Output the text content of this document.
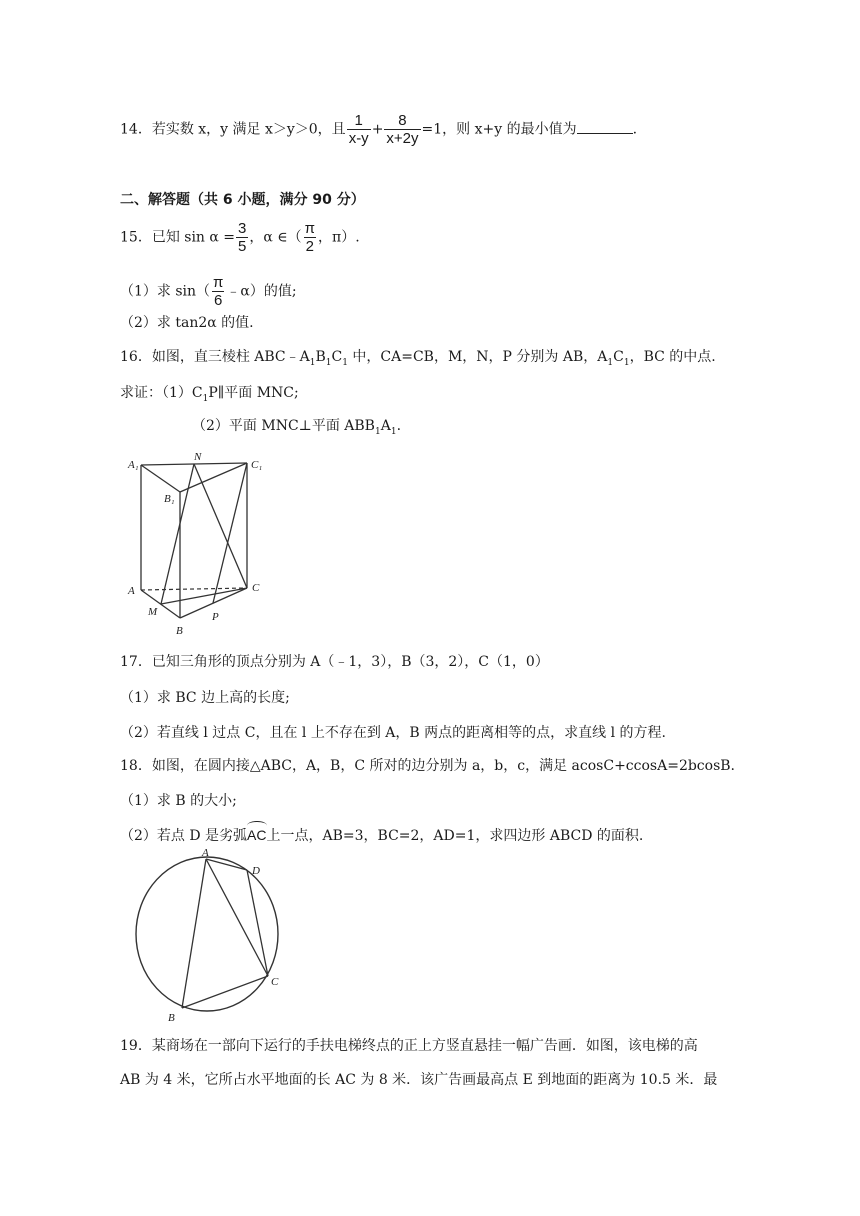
14．若实数 x，y 满足 x＞y＞0，且 $\frac{1}{x-y} + \frac{8}{x+2y} =1$，则 x+y 的最小值为	.
二、解答题（共 6 小题，满分 90 分）
15．已知 $\sin \alpha = \frac{3}{5}$ ，α ∈（ $\frac{\pi}{2}$ ，π）.
（1）求 $\sin( \frac{\pi}{6}$ ﹣α）的值;
（2）求 tan2α 的值.
16．如图，直三棱柱 $ABC﹣A_1B_1C_1$ 中，CA=CB，M，N，P 分别为 AB，$A_1C_1$，BC 的中点.
求证：$(1)C_1P\parallel$平面 MNC;
（2）平面 MNC⊥平面 $ABB_1A_1$.
A₁
N
C₁
B₁
A	C
M	P
B
17．已知三角形的顶点分别为 A（﹣1，3），B（3，2），C（1，0）
（1）求 BC 边上高的长度;
（2）若直线 l 过点 C，且在 l 上不存在到 A，B 两点的距离相等的点，求直线 l 的方程.
18．如图，在圆内接△ABC，A，B，C 所对的边分别为 a，b，c，满足 acosC+ccosA=2bcosB.
（1）求 B 的大小;
（2）若点 D 是劣弧AC上一点，AB=3，BC=2，AD=1，求四边形 ABCD 的面积.
A
D
C
B
19．某商场在一部向下运行的手扶电梯终点的正上方竖直悬挂一幅广告画．如图，该电梯的高
AB 为 4 米，它所占水平地面的长 AC 为 8 米．该广告画最高点 E 到地面的距离为 10.5 米．最
